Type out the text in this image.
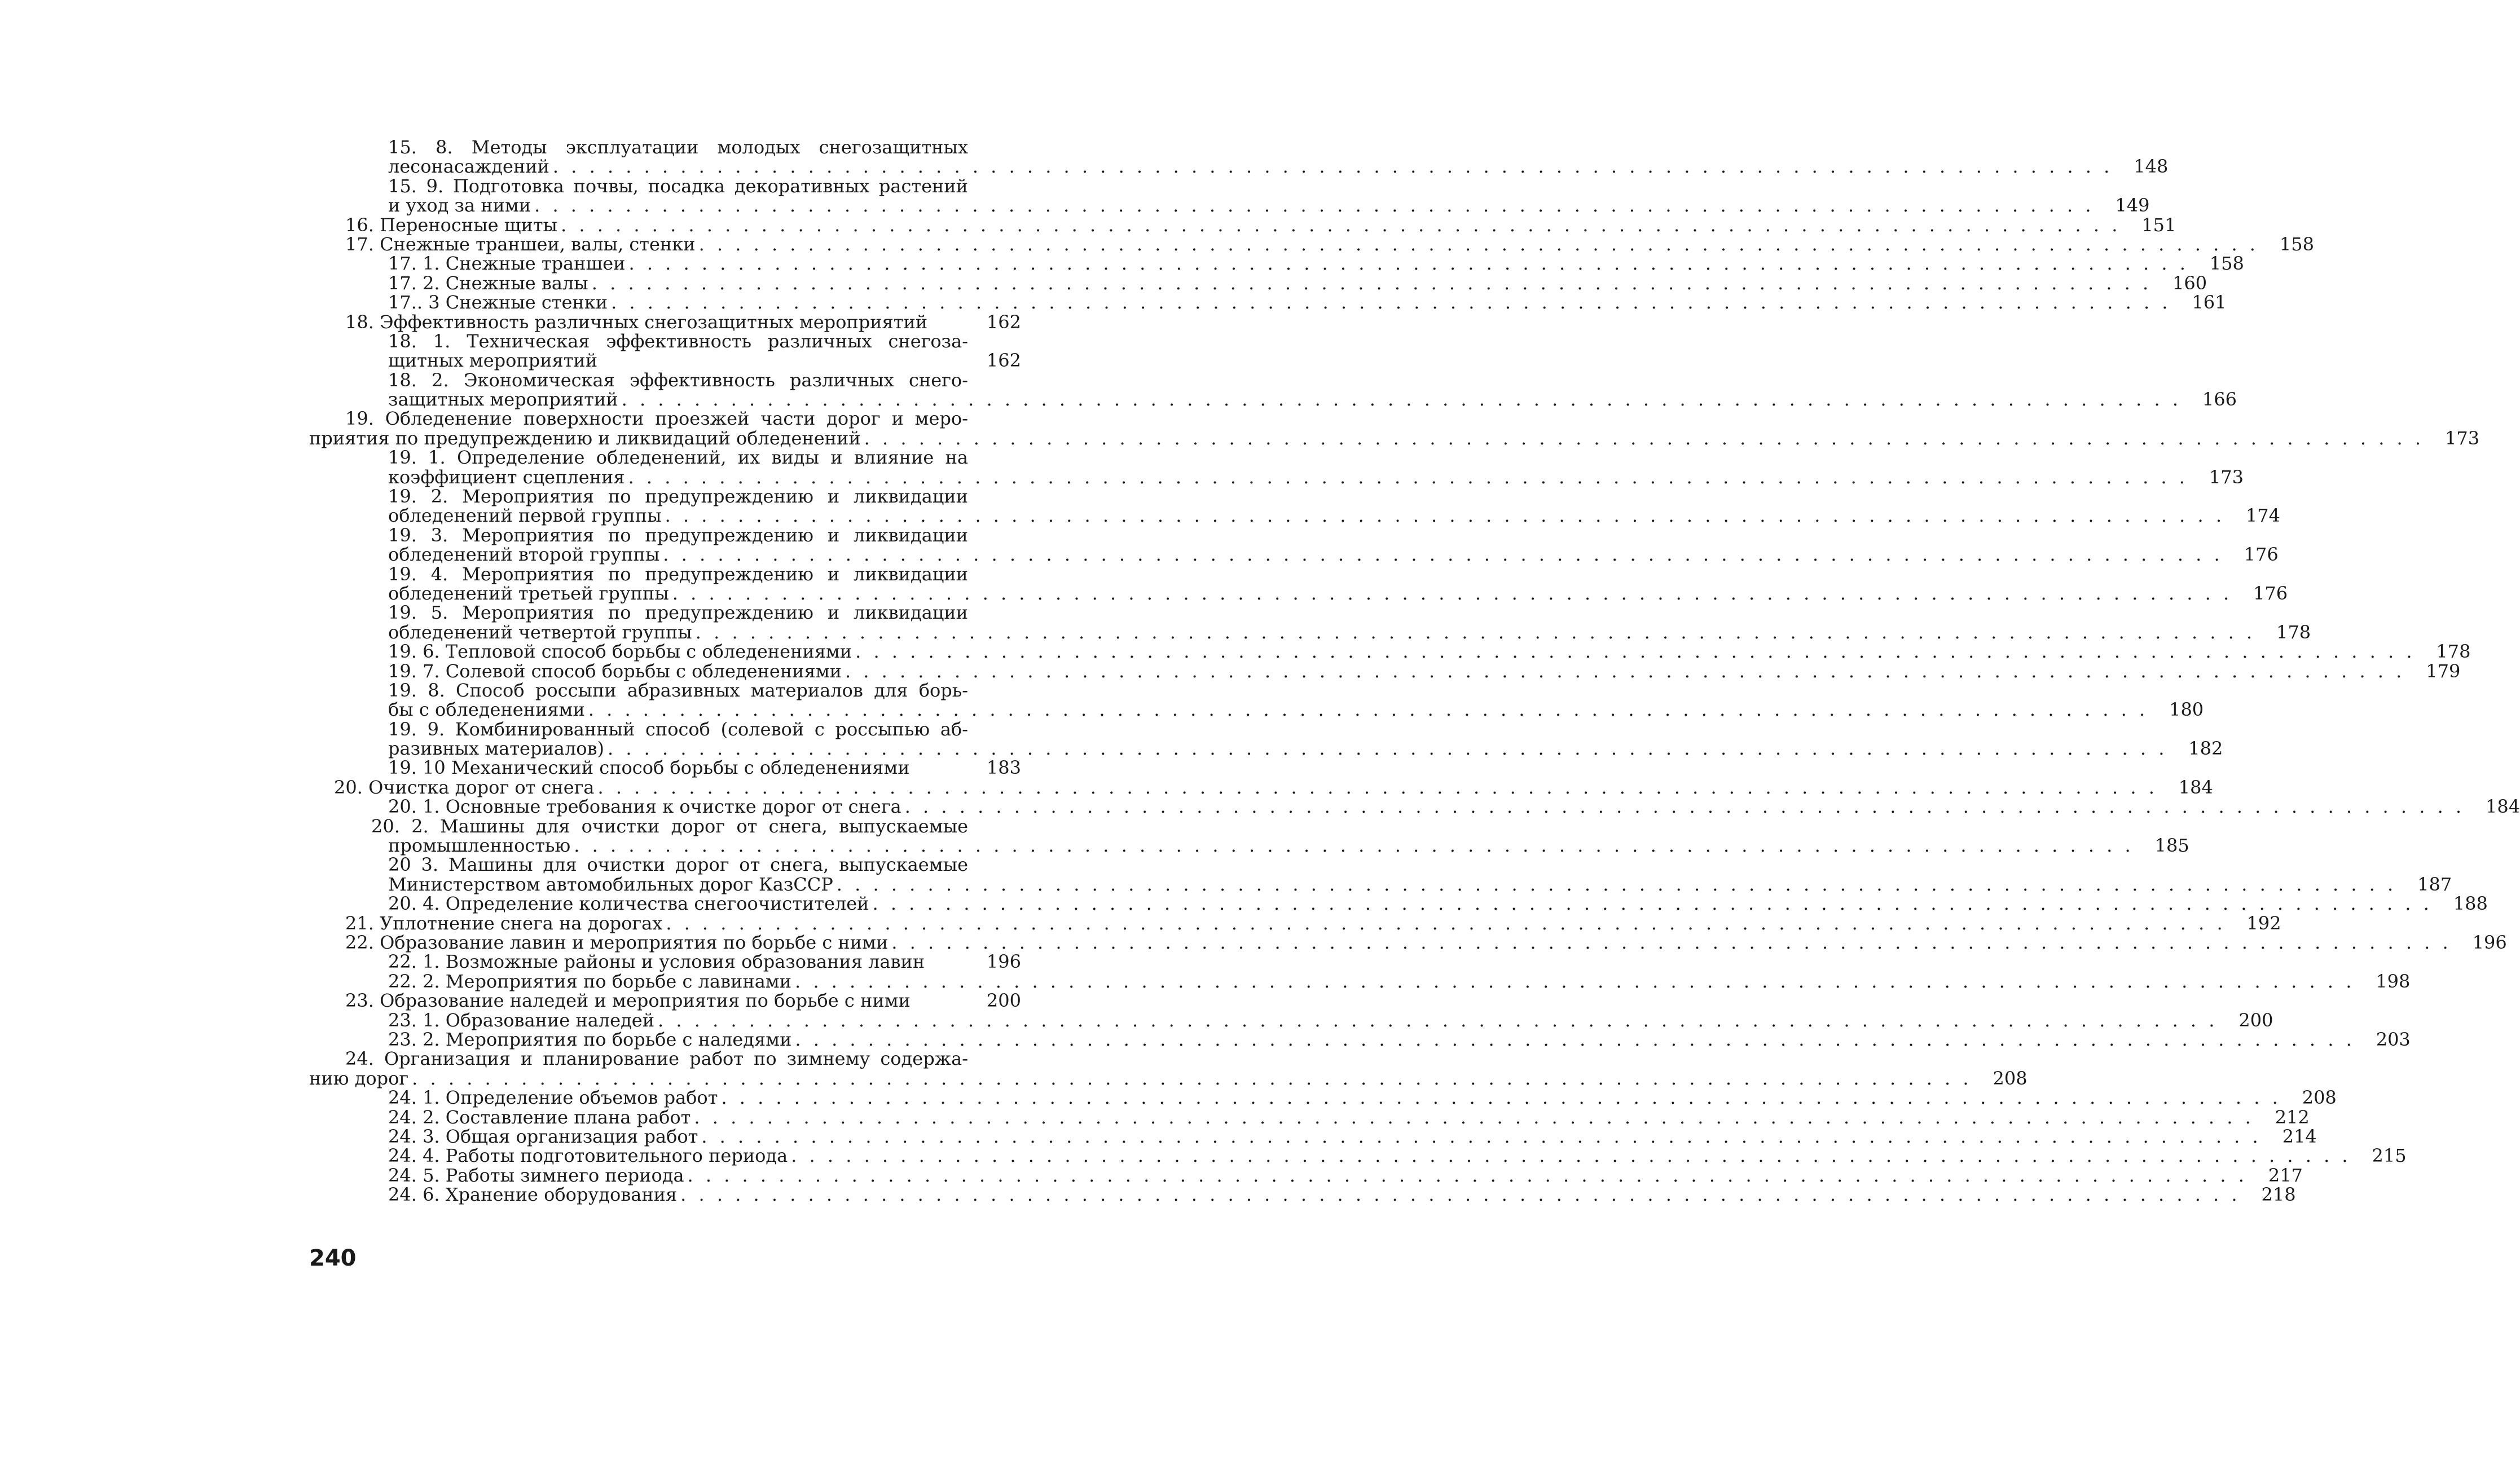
15. 8. Методы эксплуатации молодых снегозащитных
лесонасаждений . . . . . . . . . . . . . . . . . . . . . . . . . . . . . . . . . . . . . . . . . . . . . . . . . . . . . . . . . . . . . . . . . . . . . . . . . . . . . . . . . . . . . .	148
15. 9. Подготовка почвы, посадка декоративных растений
и уход за ними . . . . . . . . . . . . . . . . . . . . . . . . . . . . . . . . . . . . . . . . . . . . . . . . . . . . . . . . . . . . . . . . . . . . . . . . . . . . . . . . . . . . . .	149
16. Переносные щиты . . . . . . . . . . . . . . . . . . . . . . . . . . . . . . . . . . . . . . . . . . . . . . . . . . . . . . . . . . . . . . . . . . . . . . . . . . . . . . . . . . . . . .	151
17. Снежные траншеи, валы, стенки . . . . . . . . . . . . . . . . . . . . . . . . . . . . . . . . . . . . . . . . . . . . . . . . . . . . . . . . . . . . . . . . . . . . . . . . . . . . . . . . . . . . . .	158
17. 1. Снежные траншеи . . . . . . . . . . . . . . . . . . . . . . . . . . . . . . . . . . . . . . . . . . . . . . . . . . . . . . . . . . . . . . . . . . . . . . . . . . . . . . . . . . . . . .	158
17. 2. Снежные валы . . . . . . . . . . . . . . . . . . . . . . . . . . . . . . . . . . . . . . . . . . . . . . . . . . . . . . . . . . . . . . . . . . . . . . . . . . . . . . . . . . . . . .	160
17.. 3 Снежные стенки . . . . . . . . . . . . . . . . . . . . . . . . . . . . . . . . . . . . . . . . . . . . . . . . . . . . . . . . . . . . . . . . . . . . . . . . . . . . . . . . . . . . . .	161
18. Эффективность различных снегозащитных мероприятий	162
18. 1. Техническая эффективность различных снегоза-
щитных мероприятий	162
18. 2. Экономическая эффективность различных снего-
защитных мероприятий . . . . . . . . . . . . . . . . . . . . . . . . . . . . . . . . . . . . . . . . . . . . . . . . . . . . . . . . . . . . . . . . . . . . . . . . . . . . . . . . . . . . . .	166
19. Обледенение поверхности проезжей части дорог и меро-
приятия по предупреждению и ликвидаций обледенений . . . . . . . . . . . . . . . . . . . . . . . . . . . . . . . . . . . . . . . . . . . . . . . . . . . . . . . . . . . . . . . . . . . . . . . . . . . . . . . . . . . . . .	173
19. 1. Определение обледенений, их виды и влияние на
коэффициент сцепления . . . . . . . . . . . . . . . . . . . . . . . . . . . . . . . . . . . . . . . . . . . . . . . . . . . . . . . . . . . . . . . . . . . . . . . . . . . . . . . . . . . . . .	173
19. 2. Мероприятия по предупреждению и ликвидации
обледенений первой группы . . . . . . . . . . . . . . . . . . . . . . . . . . . . . . . . . . . . . . . . . . . . . . . . . . . . . . . . . . . . . . . . . . . . . . . . . . . . . . . . . . . . . .	174
19. 3. Мероприятия по предупреждению и ликвидации
обледенений второй группы . . . . . . . . . . . . . . . . . . . . . . . . . . . . . . . . . . . . . . . . . . . . . . . . . . . . . . . . . . . . . . . . . . . . . . . . . . . . . . . . . . . . . .	176
19. 4. Мероприятия по предупреждению и ликвидации
обледенений третьей группы . . . . . . . . . . . . . . . . . . . . . . . . . . . . . . . . . . . . . . . . . . . . . . . . . . . . . . . . . . . . . . . . . . . . . . . . . . . . . . . . . . . . . .	176
19. 5. Мероприятия по предупреждению и ликвидации
обледенений четвертой группы . . . . . . . . . . . . . . . . . . . . . . . . . . . . . . . . . . . . . . . . . . . . . . . . . . . . . . . . . . . . . . . . . . . . . . . . . . . . . . . . . . . . . .	178
19. 6. Тепловой способ борьбы с обледенениями . . . . . . . . . . . . . . . . . . . . . . . . . . . . . . . . . . . . . . . . . . . . . . . . . . . . . . . . . . . . . . . . . . . . . . . . . . . . . . . . . . . . . .	178
19. 7. Солевой способ борьбы с обледенениями . . . . . . . . . . . . . . . . . . . . . . . . . . . . . . . . . . . . . . . . . . . . . . . . . . . . . . . . . . . . . . . . . . . . . . . . . . . . . . . . . . . . . .	179
19. 8. Способ россыпи абразивных материалов для борь-
бы с обледенениями . . . . . . . . . . . . . . . . . . . . . . . . . . . . . . . . . . . . . . . . . . . . . . . . . . . . . . . . . . . . . . . . . . . . . . . . . . . . . . . . . . . . . .	180
19. 9. Комбинированный способ (солевой с россыпью аб-
разивных материалов) . . . . . . . . . . . . . . . . . . . . . . . . . . . . . . . . . . . . . . . . . . . . . . . . . . . . . . . . . . . . . . . . . . . . . . . . . . . . . . . . . . . . . .	182
19. 10 Механический способ борьбы с обледенениями	183
20. Очистка дорог от снега . . . . . . . . . . . . . . . . . . . . . . . . . . . . . . . . . . . . . . . . . . . . . . . . . . . . . . . . . . . . . . . . . . . . . . . . . . . . . . . . . . . . . .	184
20. 1. Основные требования к очистке дорог от снега . . . . . . . . . . . . . . . . . . . . . . . . . . . . . . . . . . . . . . . . . . . . . . . . . . . . . . . . . . . . . . . . . . . . . . . . . . . . . . . . . . . . . .	184
20. 2. Машины для очистки дорог от снега, выпускаемые
промышленностью . . . . . . . . . . . . . . . . . . . . . . . . . . . . . . . . . . . . . . . . . . . . . . . . . . . . . . . . . . . . . . . . . . . . . . . . . . . . . . . . . . . . . .	185
20 3. Машины для очистки дорог от снега, выпускаемые
Министерством автомобильных дорог КазССР . . . . . . . . . . . . . . . . . . . . . . . . . . . . . . . . . . . . . . . . . . . . . . . . . . . . . . . . . . . . . . . . . . . . . . . . . . . . . . . . . . . . . .	187
20. 4. Определение количества снегоочистителей . . . . . . . . . . . . . . . . . . . . . . . . . . . . . . . . . . . . . . . . . . . . . . . . . . . . . . . . . . . . . . . . . . . . . . . . . . . . . . . . . . . . . .	188
21. Уплотнение снега на дорогах . . . . . . . . . . . . . . . . . . . . . . . . . . . . . . . . . . . . . . . . . . . . . . . . . . . . . . . . . . . . . . . . . . . . . . . . . . . . . . . . . . . . . .	192
22. Образование лавин и мероприятия по борьбе с ними . . . . . . . . . . . . . . . . . . . . . . . . . . . . . . . . . . . . . . . . . . . . . . . . . . . . . . . . . . . . . . . . . . . . . . . . . . . . . . . . . . . . . .	196
22. 1. Возможные районы и условия образования лавин	196
22. 2. Мероприятия по борьбе с лавинами . . . . . . . . . . . . . . . . . . . . . . . . . . . . . . . . . . . . . . . . . . . . . . . . . . . . . . . . . . . . . . . . . . . . . . . . . . . . . . . . . . . . . .	198
23. Образование наледей и мероприятия по борьбе с ними	200
23. 1. Образование наледей . . . . . . . . . . . . . . . . . . . . . . . . . . . . . . . . . . . . . . . . . . . . . . . . . . . . . . . . . . . . . . . . . . . . . . . . . . . . . . . . . . . . . .	200
23. 2. Мероприятия по борьбе с наледями . . . . . . . . . . . . . . . . . . . . . . . . . . . . . . . . . . . . . . . . . . . . . . . . . . . . . . . . . . . . . . . . . . . . . . . . . . . . . . . . . . . . . .	203
24. Организация и планирование работ по зимнему содержа-
нию дорог . . . . . . . . . . . . . . . . . . . . . . . . . . . . . . . . . . . . . . . . . . . . . . . . . . . . . . . . . . . . . . . . . . . . . . . . . . . . . . . . . . . . . .	208
24. 1. Определение объемов работ . . . . . . . . . . . . . . . . . . . . . . . . . . . . . . . . . . . . . . . . . . . . . . . . . . . . . . . . . . . . . . . . . . . . . . . . . . . . . . . . . . . . . .	208
24. 2. Составление плана работ . . . . . . . . . . . . . . . . . . . . . . . . . . . . . . . . . . . . . . . . . . . . . . . . . . . . . . . . . . . . . . . . . . . . . . . . . . . . . . . . . . . . . .	212
24. 3. Общая организация работ . . . . . . . . . . . . . . . . . . . . . . . . . . . . . . . . . . . . . . . . . . . . . . . . . . . . . . . . . . . . . . . . . . . . . . . . . . . . . . . . . . . . . .	214
24. 4. Работы подготовительного периода . . . . . . . . . . . . . . . . . . . . . . . . . . . . . . . . . . . . . . . . . . . . . . . . . . . . . . . . . . . . . . . . . . . . . . . . . . . . . . . . . . . . . .	215
24. 5. Работы зимнего периода . . . . . . . . . . . . . . . . . . . . . . . . . . . . . . . . . . . . . . . . . . . . . . . . . . . . . . . . . . . . . . . . . . . . . . . . . . . . . . . . . . . . . .	217
24. 6. Хранение оборудования . . . . . . . . . . . . . . . . . . . . . . . . . . . . . . . . . . . . . . . . . . . . . . . . . . . . . . . . . . . . . . . . . . . . . . . . . . . . . . . . . . . . . .	218
240
